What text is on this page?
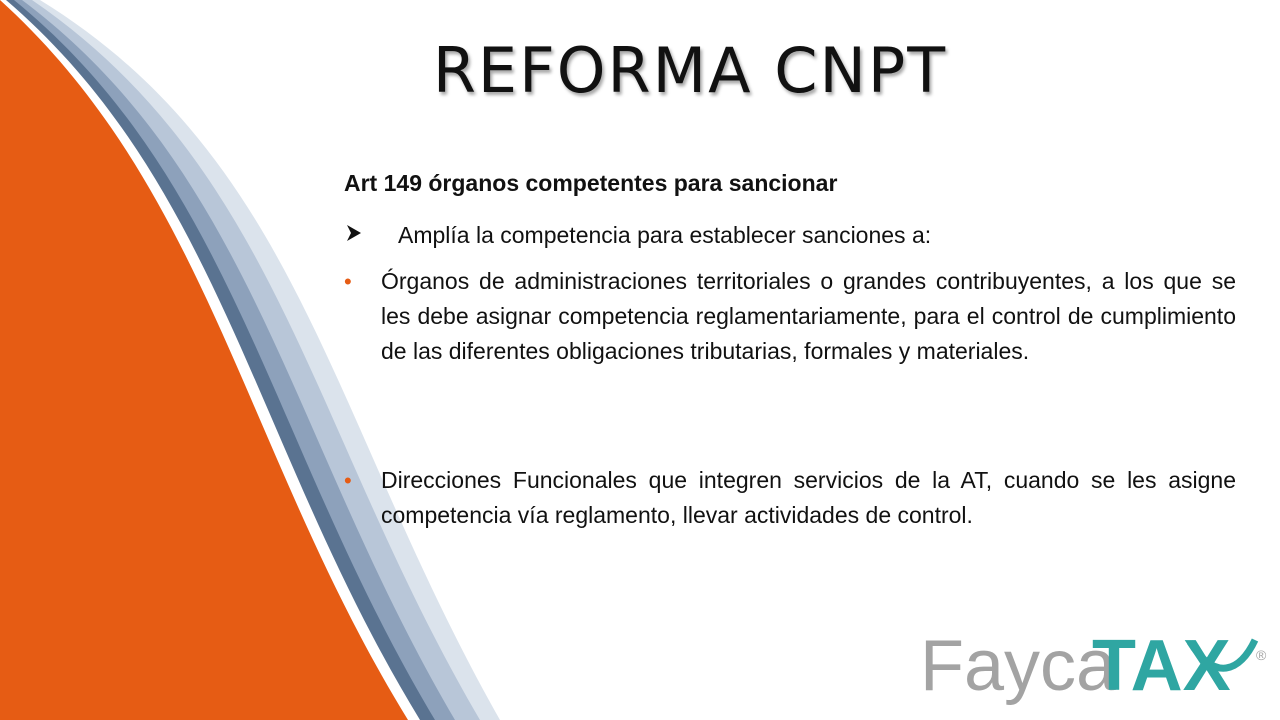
REFORMA CNPT
Art 149 órganos competentes para sancionar
Amplía la competencia para establecer sanciones a:
• Órganos de administraciones territoriales o grandes contribuyentes, a los que se les debe asignar competencia reglamentariamente, para el control de cumplimiento de las diferentes obligaciones tributarias, formales y materiales.
• Direcciones Funcionales que integren servicios de la AT, cuando se les asigne competencia vía reglamento, llevar actividades de control.
Fayca
TAX ®
